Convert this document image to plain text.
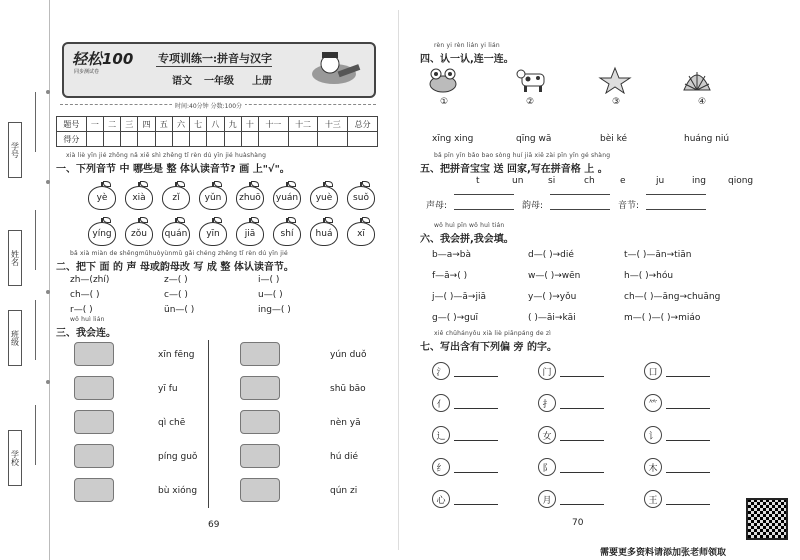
学号
姓名
班级
学校
轻松100
同步测试卷
专项训练一:拼音与汉字
语文 一年级 上册
时间:40分钟 分数:100分
题号	一	二	三	四	五	六	七	八	九	十	十一	十二	十三	总分
得分														
xià liè yīn jié zhōng nǎ xiē shì zhěng tǐ rèn dú yīn jié huàshàng
一、下列音节 中 哪些是 整 体认读音节? 画 上"√"。
yè	xià	zǐ	yǔn	zhuō	yuán	yuè	suǒ
yíng	zǒu	quán	yīn	jiā	shí	huá	xī
bǎ xià miàn de shēngmǔhuòyùnmǔ gǎi chéng zhěng tǐ rèn dú yīn jié
二、把下 面 的 声 母或韵母改 写 成 整 体认读音节。
zh—(zhí)	z—( )	i—( )
ch—( )	c—( )	u—( )
r—( )	ün—( )	ing—( )
wǒ huì lián
三、我会连。
xīn fēng	yún duǒ
yī fu	shū bāo
qì chē	nèn yā
píng guǒ	hú dié
bù xióng	qún zi
69
rèn yi rèn lián yi lián
四、认一认,连一连。
①	②	③	④
xīng xing	qīng wā	bèi ké	huáng niú
bǎ pīn yīn bǎo bao sòng huí jiā xiě zài pīn yīn gé shàng
五、把拼音宝宝 送 回家,写在拼音格 上 。
t	un	si	ch	e	ju	ing qiong
声母:	韵母:	音节:
wǒ huì pīn wǒ huì tián
六、我会拼,我会填。
b—a→bà	d—( )→dié	t—( )—ān→tiān
f—ā→( )	w—( )→wēn	h—( )→hóu
j—( )—ā→jiā	y—( )→yǒu	ch—( )—āng→chuāng
g—( )→guī	( )—āi→kāi	m—( )—( )→miáo
xiě chūhányǒu xià liè piānpáng de zì
七、写出含有下列偏 旁 的字。
氵	门	口
亻	扌	⺮
辶	女	讠
纟	阝	木
心	月	王
70
需要更多资料请添加张老师领取
